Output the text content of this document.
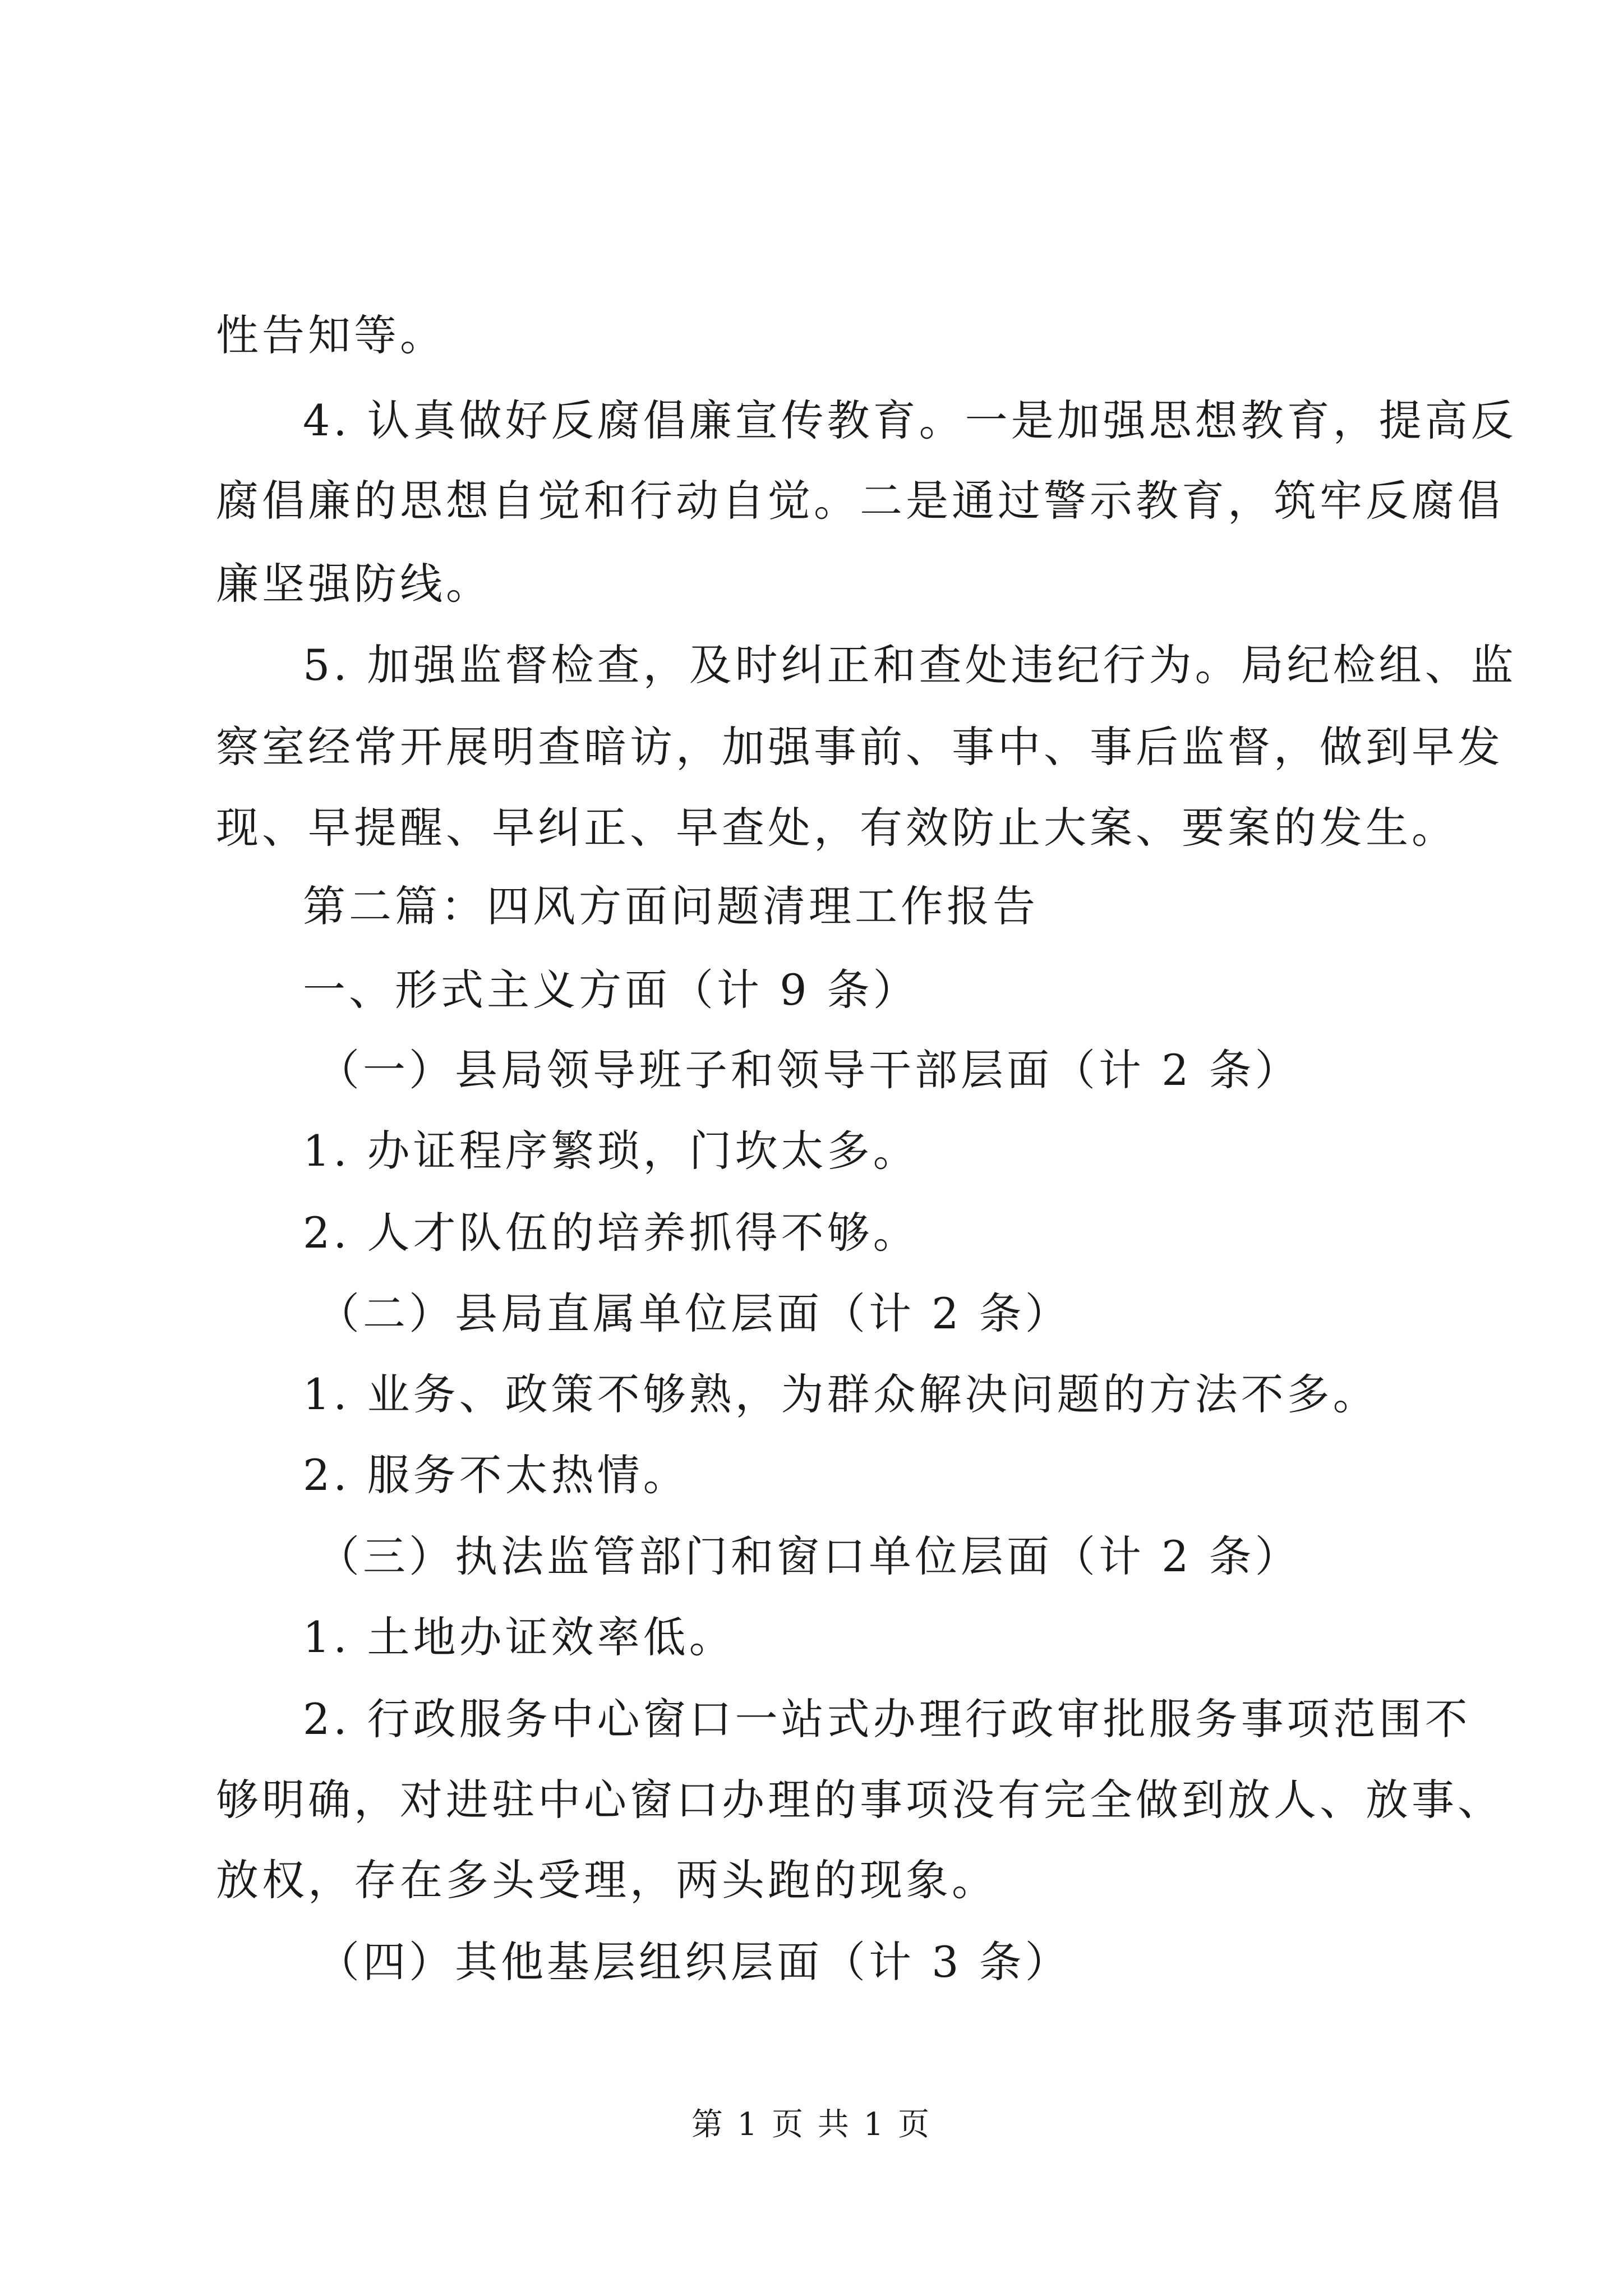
性告知等。
4. 认真做好反腐倡廉宣传教育。一是加强思想教育，提高反
腐倡廉的思想自觉和行动自觉。二是通过警示教育，筑牢反腐倡
廉坚强防线。
5. 加强监督检查，及时纠正和查处违纪行为。局纪检组、监
察室经常开展明查暗访，加强事前、事中、事后监督，做到早发
现、早提醒、早纠正、早查处，有效防止大案、要案的发生。
第二篇：四风方面问题清理工作报告
一、形式主义方面（计 9 条）
（一）县局领导班子和领导干部层面（计 2 条）
1. 办证程序繁琐，门坎太多。
2. 人才队伍的培养抓得不够。
（二）县局直属单位层面（计 2 条）
1. 业务、政策不够熟，为群众解决问题的方法不多。
2. 服务不太热情。
（三）执法监管部门和窗口单位层面（计 2 条）
1. 土地办证效率低。
2. 行政服务中心窗口一站式办理行政审批服务事项范围不
够明确，对进驻中心窗口办理的事项没有完全做到放人、放事、
放权，存在多头受理，两头跑的现象。
（四）其他基层组织层面（计 3 条）
第 1 页 共 1 页
